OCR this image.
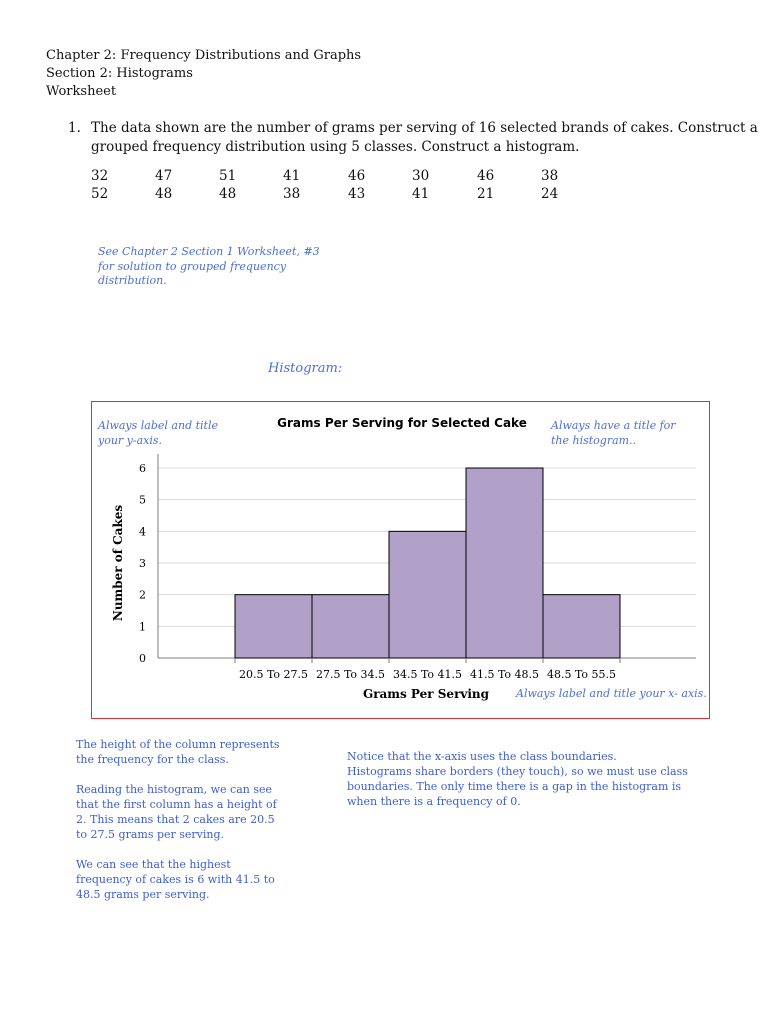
Chapter 2: Frequency Distributions and Graphs
Section 2: Histograms
Worksheet
1. The data shown are the number of grams per serving of 16 selected brands of cakes. Construct a
grouped frequency distribution using 5 classes. Construct a histogram.
32	47	51	41	46	30	46	38
52	48	48	38	43	41	21	24
See Chapter 2 Section 1 Worksheet, #3
for solution to grouped frequency
distribution.
Histogram:
Always label and title
your y-axis.
Always have a title for
the histogram..
Always label and title your x- axis.
Grams Per Serving for Selected Cake
0
1
2
3
4
5
6
20.5 To 27.5 27.5 To 34.5 34.5 To 41.5 41.5 To 48.5 48.5 To 55.5
Grams Per Serving
Number of Cakes
The height of the column represents
the frequency for the class.
Reading the histogram, we can see
that the first column has a height of
2. This means that 2 cakes are 20.5
to 27.5 grams per serving.
We can see that the highest
frequency of cakes is 6 with 41.5 to
48.5 grams per serving.
Notice that the x-axis uses the class boundaries.
Histograms share borders (they touch), so we must use class
boundaries. The only time there is a gap in the histogram is
when there is a frequency of 0.
